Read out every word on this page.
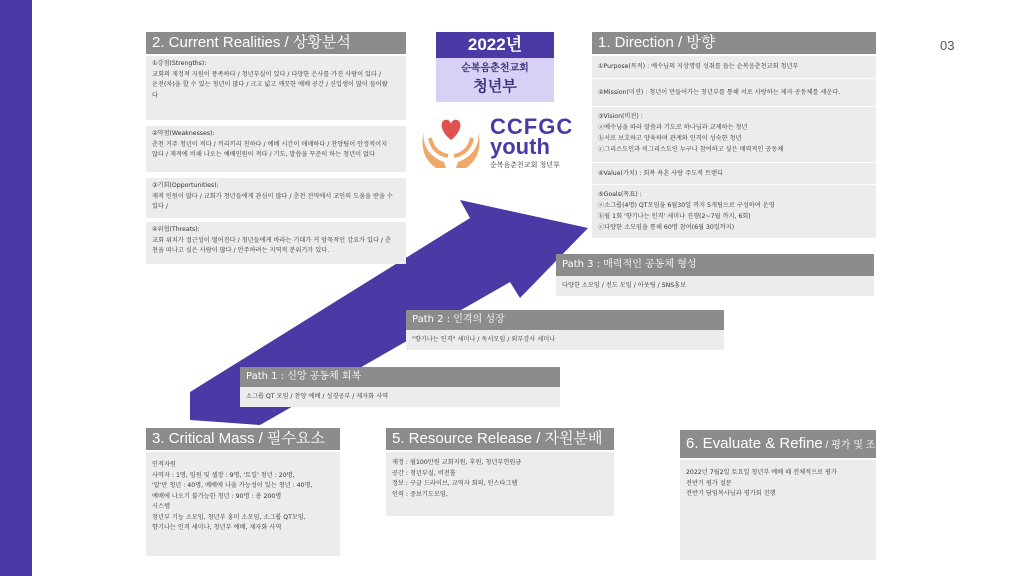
03
4. Critical / 핵심 과정
Path 1 : 신앙 공동체 회복
소그룹 QT 모임 / 찬양 예배 / 성경공부 / 제자화 사역
Path 2 : 인격의 성장
"향기나는 인격" 세미나 / 독서모임 / 외부강사 세미나
Path 3 : 매력적인 공동체 형성
다양한 소모임 / 전도 모임 / 아웃팅 / SNS홍보
2. Current Realities / 상황분석
①강점(Strengths):
교회의 재정적 지원이 풍족하다 / 청년부실이 있다 / 다양한 은사를 가진 사람이 있다 /
운전(차)을 할 수 있는 청년이 많다 / 크고 넓고 깨끗한 예배 공간 / 신입생이 많이 들어왔
다
②약점(Weaknesses):
춘천 거주 청년이 적다 / 끼리끼리 친하다 / 예배 시간이 애매하다 / 찬양팀이 안정적이지
않다 / 재적에 비해 나오는 예배인원이 적다 / 기도, 말씀을 꾸준히 하는 청년이 없다
③기회(Opportunities):
재적 인원이 많다 / 교회가 청년들에게 관심이 많다 / 춘천 전역에서 교인의 도움을 받을 수
있다 /
④위협(Threats):
교회 위치가 접근성이 떨어진다 / 청년들에게 바라는 기대가 커 암묵적인 강요가 있다 / 춘
천을 떠나고 싶은 사람이 많다 / 안주하려는 지역적 분위기가 있다.
2022년
순복음춘천교회
청년부
CCFGC
youth
순복음춘천교회 청년부
1. Direction / 방향
①Purpose(목적) : 예수님의 지상명령 성취를 돕는 순복음춘천교회 청년부
②Mission(미션) : 청년이 만들어가는 청년부를 통해 서로 사랑하는 제자 공동체를 세운다.
③Vision(비전) :
ⓐ예수님을 따라 말씀과 기도로 하나님과 교제하는 청년
ⓑ서로 보호하고 양육하며 관계와 인격이 성숙한 청년
ⓒ그리스도인과 비그리스도인 누구나 참여하고 싶은 매력적인 공동체
④Value(가치) : 회복 욕흔 사랑 주도적 트랜디
⑤Goals(목표) :
ⓐ소그룹(4명) QT모임을 6월30일 까지 5개팀으로 구성하여 운영
ⓑ월 1회 '향기나는 인격' 세미나 진행(2~7월 까지, 6회)
ⓒ다양한 소모임을 통해 60명 참여(6월 30일까지)
3. Critical Mass / 필수요소
인적자원
사역자 : 1명, 임원 및 셀장 : 9명, '토일' 청년 : 20명,
'알'만 청년 : 40명, 예배에 나올 가능성이 있는 청년 : 40명,
예배에 나오기 불가능한 청년 : 90명 : 총 200명
시스템
청년부 기능 소모임, 청년부 홍미 소모임, 소그룹 QT모임,
향기나는 인격 세미나, 청년부 예배, 제자화 사역
5. Resource Release / 자원분배
재정 : 월100만원 교회지원, 후원, 청년부헌원금
공간 : 청년부실, 비전홀
정보 : 구글 드라이브, 교역자 회의, 인스타그램
인력 : 중보기도모임,
6. Evaluate & Refine / 평가 및 조정
2022년 7월2일 토요일 청년부 예배 때 전체적으로 평가
전반기 평가 설문
전반기 담임목사님과 평가회 진행
